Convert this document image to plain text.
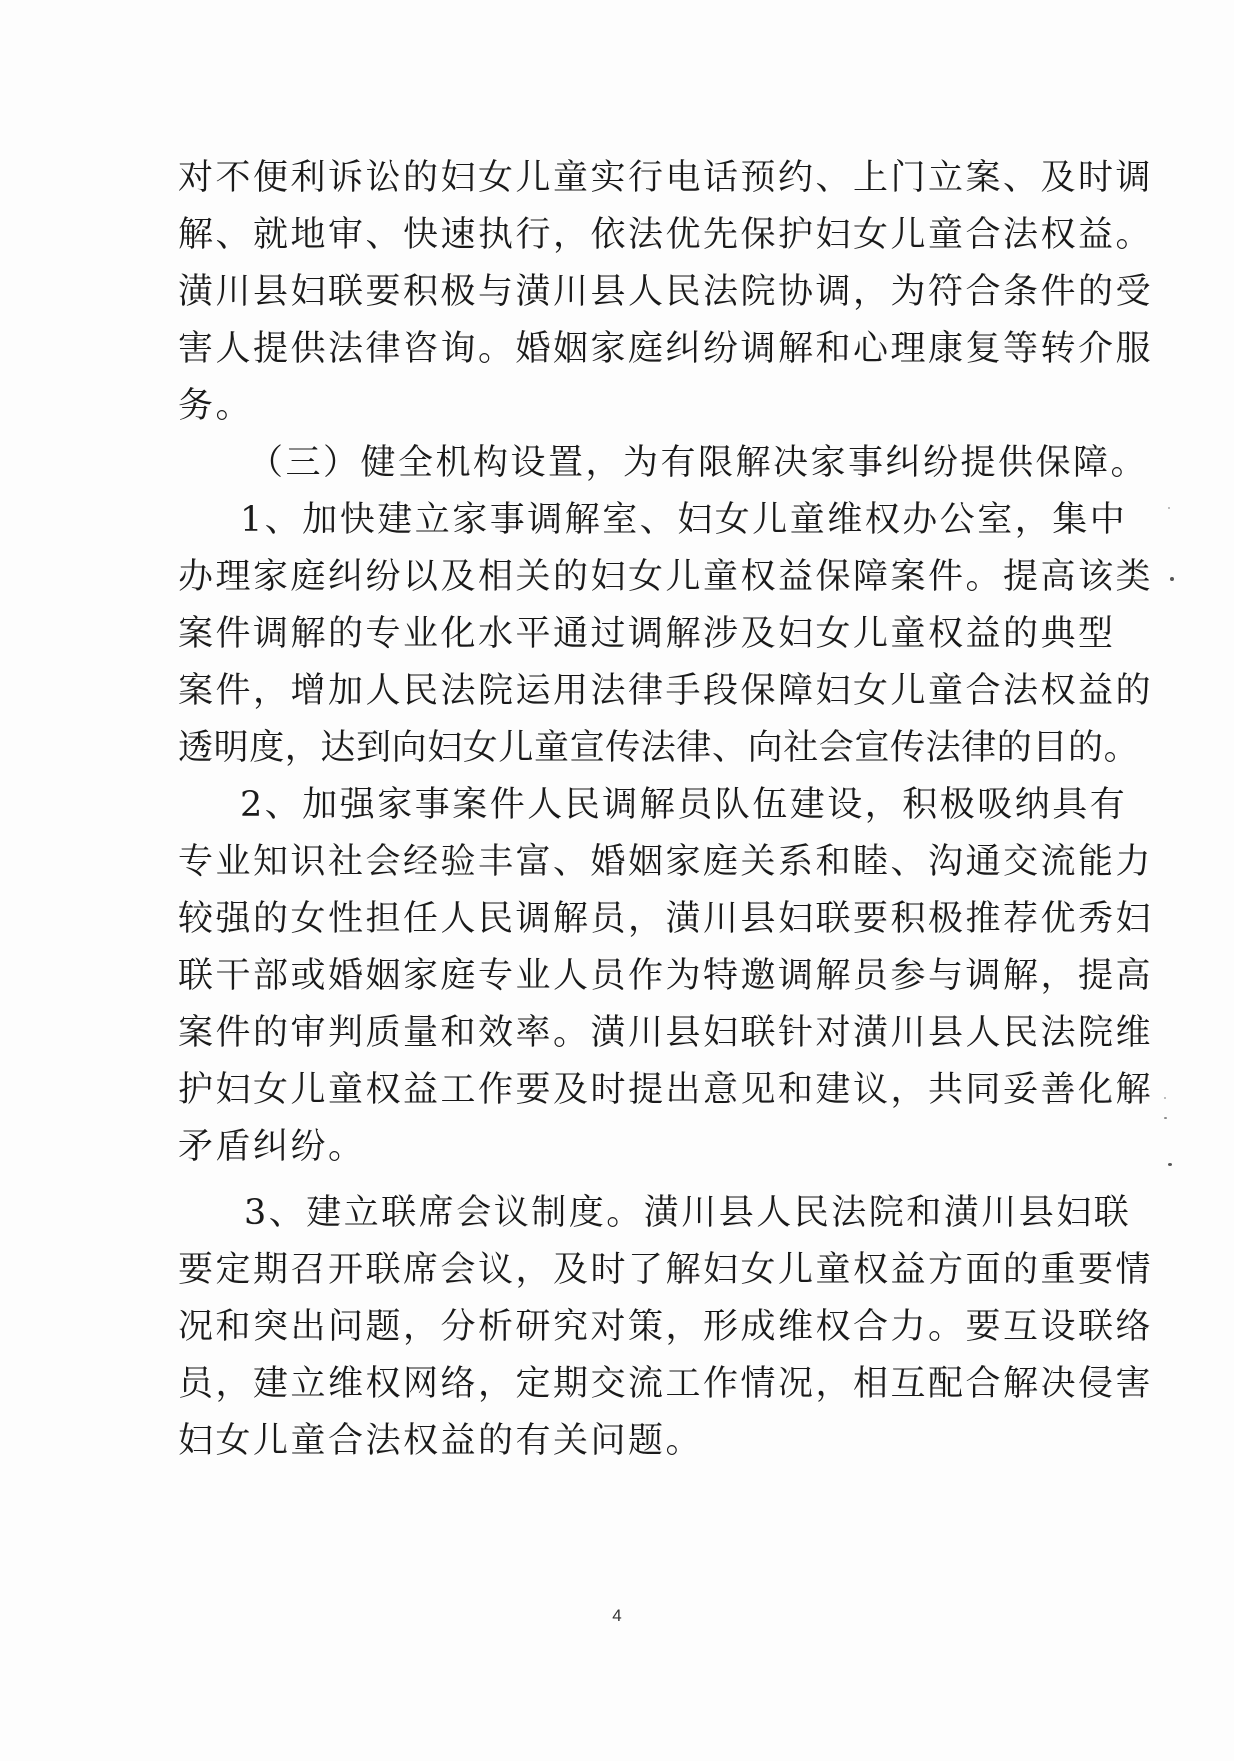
对不便利诉讼的妇女儿童实行电话预约、上门立案、及时调
解、就地审、快速执行，依法优先保护妇女儿童合法权益。
潢川县妇联要积极与潢川县人民法院协调，为符合条件的受
害人提供法律咨询。婚姻家庭纠纷调解和心理康复等转介服
务。
（三）健全机构设置，为有限解决家事纠纷提供保障。
1、加快建立家事调解室、妇女儿童维权办公室，集中
办理家庭纠纷以及相关的妇女儿童权益保障案件。提高该类
案件调解的专业化水平通过调解涉及妇女儿童权益的典型
案件，增加人民法院运用法律手段保障妇女儿童合法权益的
透明度，达到向妇女儿童宣传法律、向社会宣传法律的目的。
2、加强家事案件人民调解员队伍建设，积极吸纳具有
专业知识社会经验丰富、婚姻家庭关系和睦、沟通交流能力
较强的女性担任人民调解员，潢川县妇联要积极推荐优秀妇
联干部或婚姻家庭专业人员作为特邀调解员参与调解，提高
案件的审判质量和效率。潢川县妇联针对潢川县人民法院维
护妇女儿童权益工作要及时提出意见和建议，共同妥善化解
矛盾纠纷。
3、建立联席会议制度。潢川县人民法院和潢川县妇联
要定期召开联席会议，及时了解妇女儿童权益方面的重要情
况和突出问题，分析研究对策，形成维权合力。要互设联络
员，建立维权网络，定期交流工作情况，相互配合解决侵害
妇女儿童合法权益的有关问题。
4
